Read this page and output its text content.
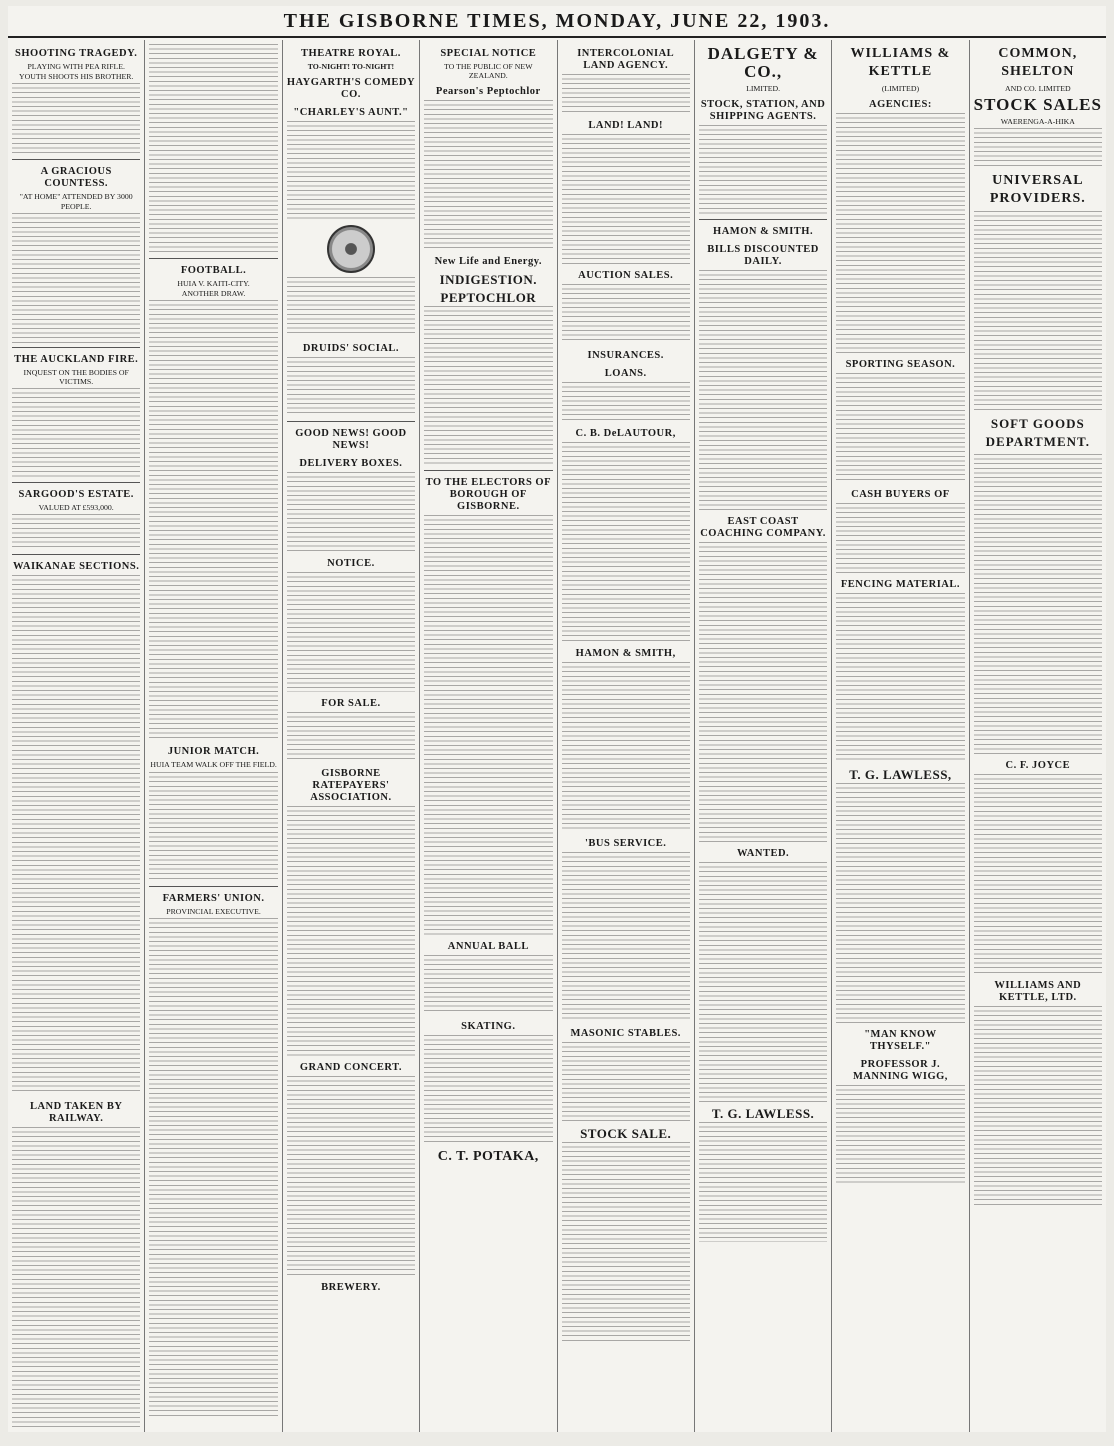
THE GISBORNE TIMES, MONDAY, JUNE 22, 1903.
SHOOTING TRAGEDY.
PLAYING WITH PEA RIFLE.
YOUTH SHOOTS HIS BROTHER.
A GRACIOUS COUNTESS.
"AT HOME" ATTENDED BY 3000 PEOPLE.
THE AUCKLAND FIRE.
INQUEST ON THE BODIES OF VICTIMS.
SARGOOD'S ESTATE.
VALUED AT £593,000.
WAIKANAE SECTIONS.
LAND TAKEN BY RAILWAY.
FOOTBALL.
HUIA V. KAITI-CITY.
ANOTHER DRAW.
JUNIOR MATCH.
HUIA TEAM WALK OFF THE FIELD.
FARMERS' UNION.
PROVINCIAL EXECUTIVE.
THEATRE ROYAL.
TO-NIGHT! TO-NIGHT!
HAYGARTH'S COMEDY CO.
"CHARLEY'S AUNT."
DRUIDS' SOCIAL.
GOOD NEWS! GOOD NEWS!
DELIVERY BOXES.
NOTICE.
FOR SALE.
GISBORNE RATEPAYERS' ASSOCIATION.
GRAND CONCERT.
BREWERY.
SPECIAL NOTICE
TO THE PUBLIC OF NEW ZEALAND.
Pearson's Peptochlor
New Life and Energy.
INDIGESTION.
PEPTOCHLOR
TO THE ELECTORS OF BOROUGH OF GISBORNE.
ANNUAL BALL
SKATING.
C. T. POTAKA,
INTERCOLONIAL LAND AGENCY.
LAND! LAND!
AUCTION SALES.
INSURANCES.
LOANS.
C. B. DeLAUTOUR,
HAMON & SMITH,
'BUS SERVICE.
MASONIC STABLES.
STOCK SALE.
DALGETY & CO.,
LIMITED.
STOCK, STATION, AND SHIPPING AGENTS.
HAMON & SMITH.
BILLS DISCOUNTED DAILY.
EAST COAST COACHING COMPANY.
WANTED.
T. G. LAWLESS.
WILLIAMS & KETTLE
(LIMITED)
AGENCIES:
SPORTING SEASON.
CASH BUYERS OF
FENCING MATERIAL.
T. G. LAWLESS,
"MAN KNOW THYSELF."
PROFESSOR J. MANNING WIGG,
COMMON, SHELTON
AND CO. LIMITED
STOCK SALES
WAERENGA-A-HIKA
UNIVERSAL PROVIDERS.
SOFT GOODS DEPARTMENT.
C. F. JOYCE
WILLIAMS AND KETTLE, LTD.
